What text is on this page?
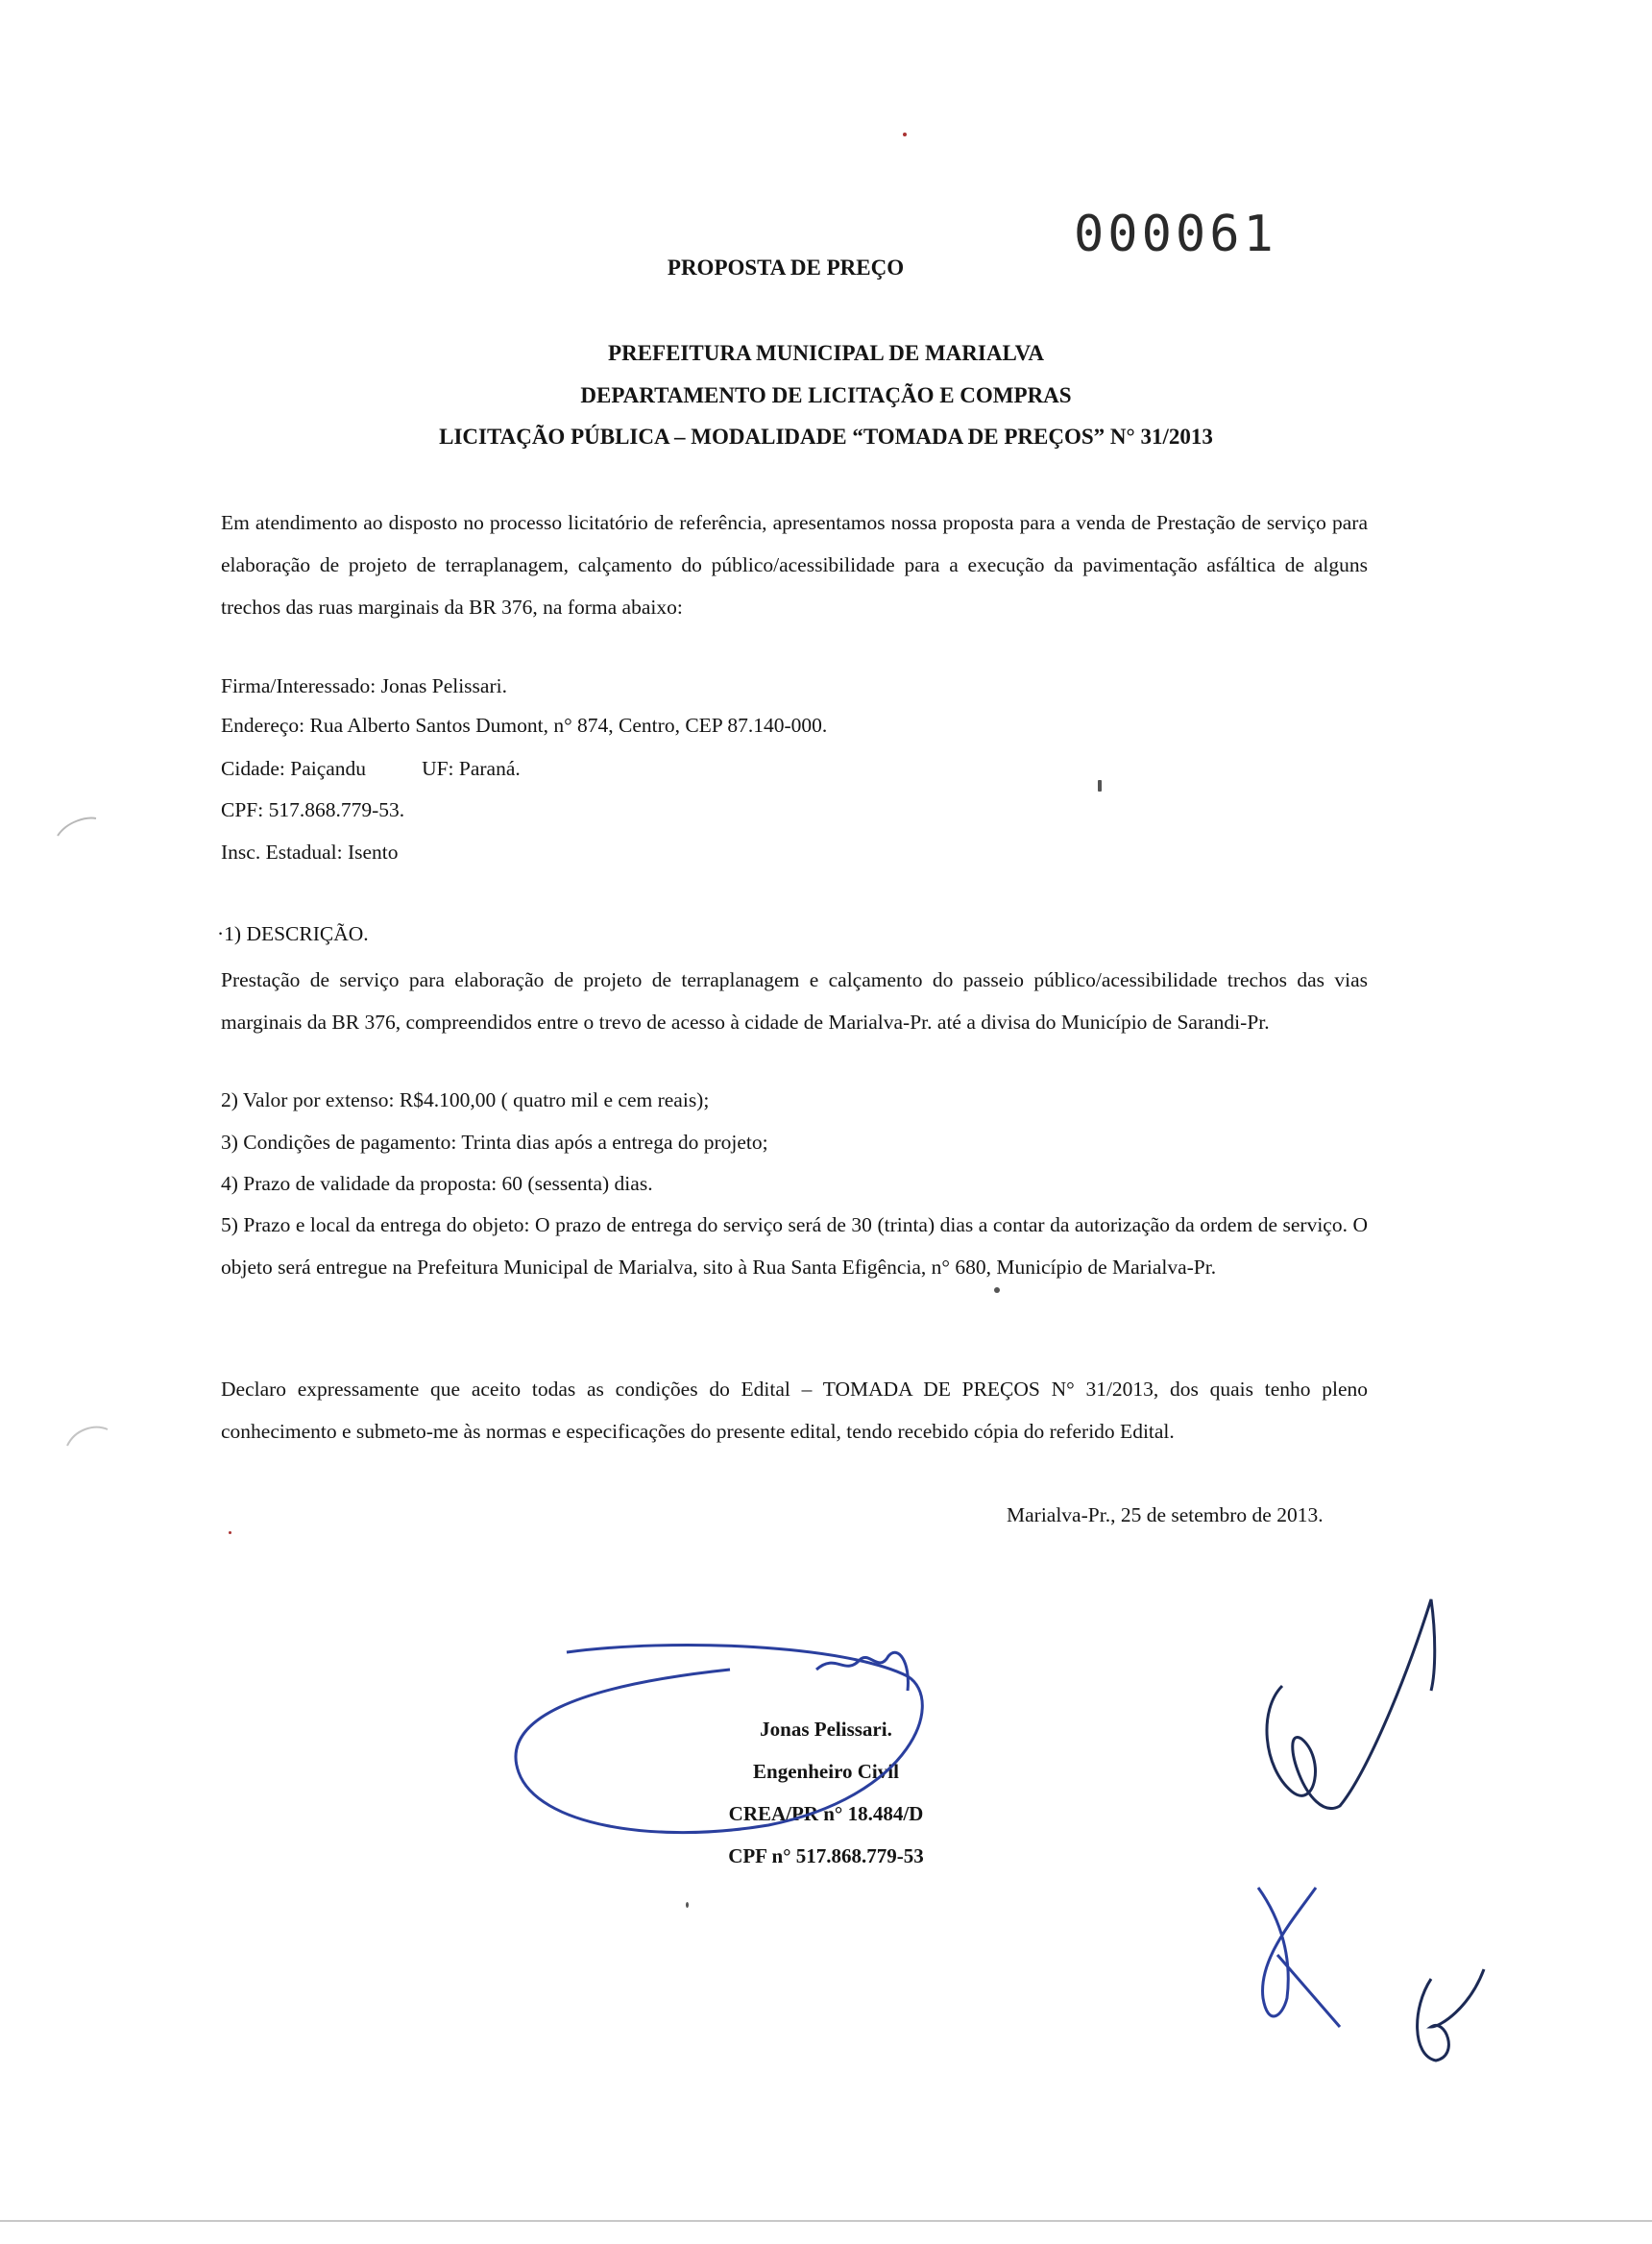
000061
PROPOSTA DE PREÇO
PREFEITURA MUNICIPAL DE MARIALVA
DEPARTAMENTO DE LICITAÇÃO E COMPRAS
LICITAÇÃO PÚBLICA – MODALIDADE “TOMADA DE PREÇOS” N° 31/2013
Em atendimento ao disposto no processo licitatório de referência, apresentamos nossa proposta para a venda de Prestação de serviço para elaboração de projeto de terraplanagem, calçamento do público/acessibilidade para a execução da pavimentação asfáltica de alguns trechos das ruas marginais da BR 376, na forma abaixo:
Firma/Interessado: Jonas Pelissari.
Endereço: Rua Alberto Santos Dumont, n° 874, Centro, CEP 87.140-000.
Cidade: Paiçandu	UF: Paraná.
CPF: 517.868.779-53.
Insc. Estadual: Isento
·1) DESCRIÇÃO.
Prestação de serviço para elaboração de projeto de terraplanagem e calçamento do passeio público/acessibilidade trechos das vias marginais da BR 376, compreendidos entre o trevo de acesso à cidade de Marialva-Pr. até a divisa do Município de Sarandi-Pr.
2) Valor por extenso: R$4.100,00 ( quatro mil e cem reais);
3) Condições de pagamento: Trinta dias após a entrega do projeto;
4) Prazo de validade da proposta: 60 (sessenta) dias.
5) Prazo e local da entrega do objeto: O prazo de entrega do serviço será de 30 (trinta) dias a contar da autorização da ordem de serviço. O objeto será entregue na Prefeitura Municipal de Marialva, sito à Rua Santa Efigência, n° 680, Município de Marialva-Pr.
Declaro expressamente que aceito todas as condições do Edital – TOMADA DE PREÇOS N° 31/2013, dos quais tenho pleno conhecimento e submeto-me às normas e especificações do presente edital, tendo recebido cópia do referido Edital.
Marialva-Pr., 25 de setembro de 2013.
Jonas Pelissari.
Engenheiro Civil
CREA/PR n° 18.484/D
CPF n° 517.868.779-53
